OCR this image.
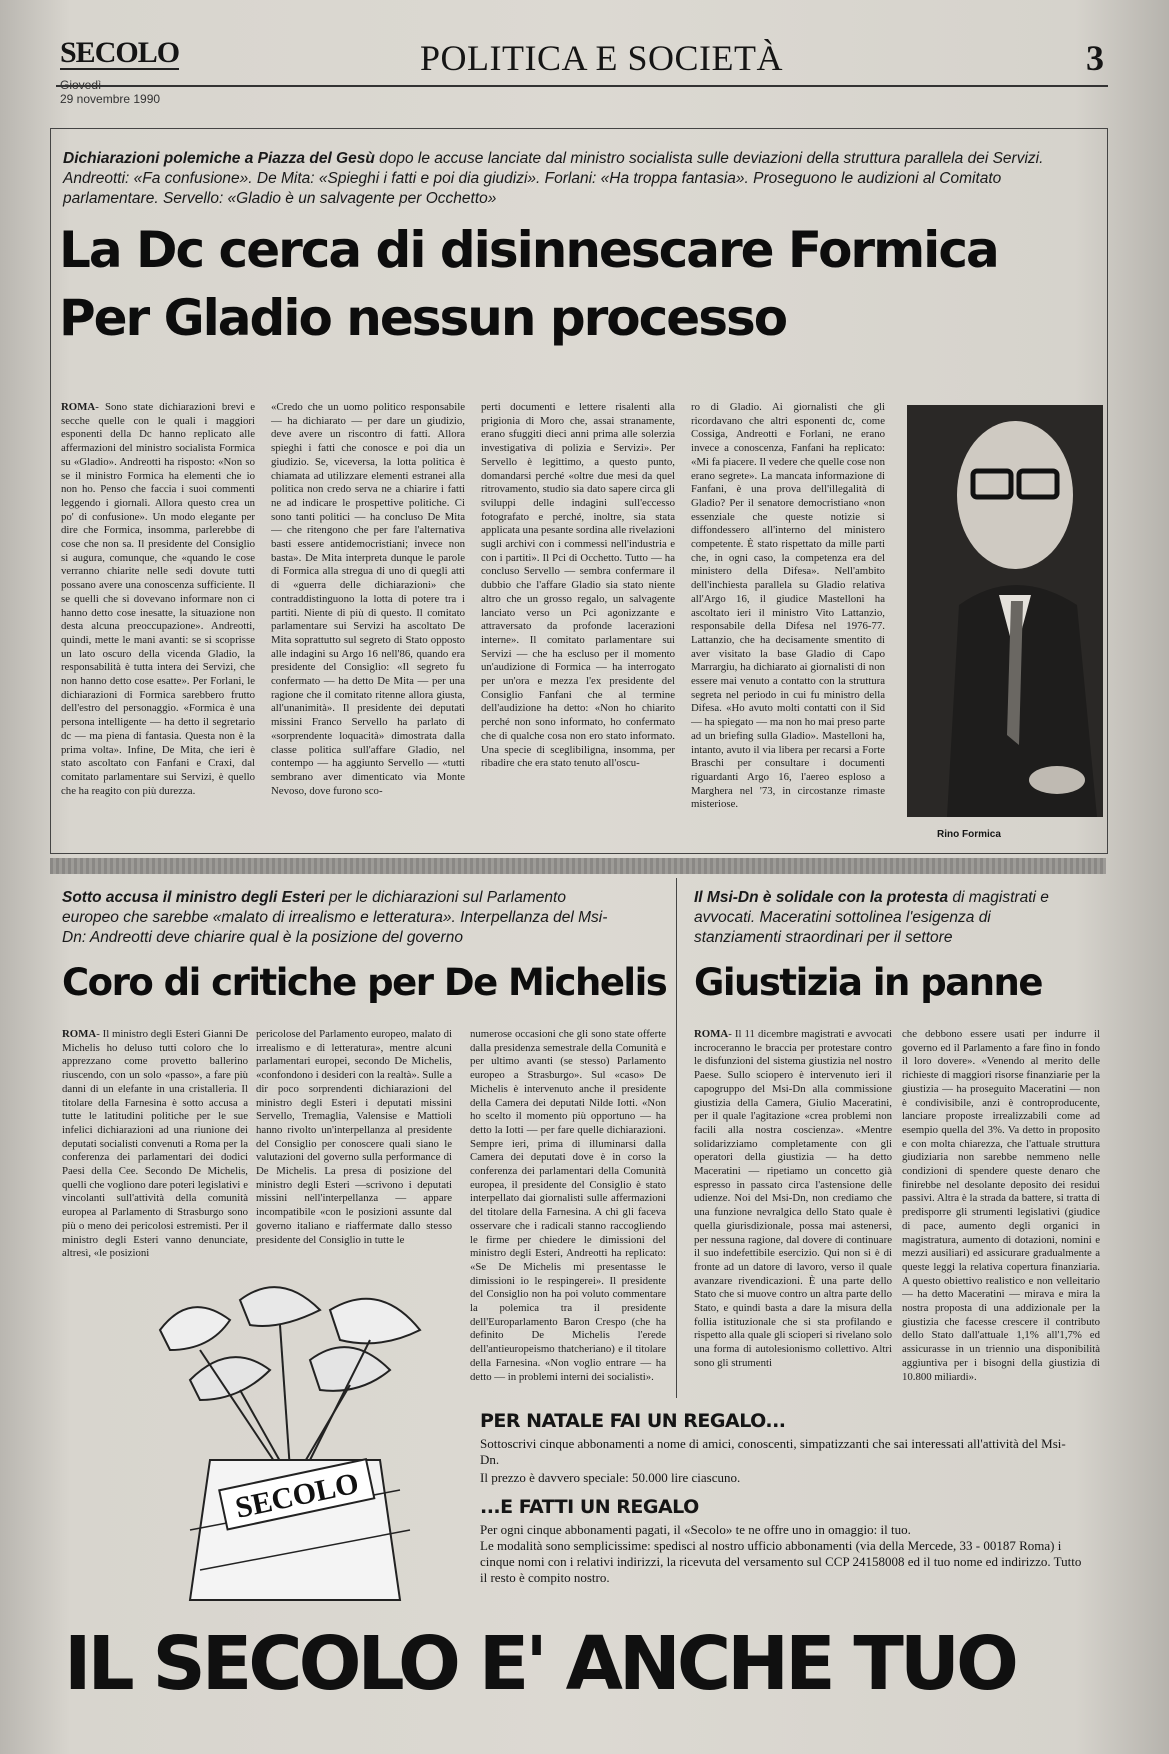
SECOLO
Giovedì
29 novembre 1990
POLITICA E SOCIETÀ	3
Dichiarazioni polemiche a Piazza del Gesù dopo le accuse lanciate dal ministro socialista sulle deviazioni della struttura parallela dei Servizi. Andreotti: «Fa confusione». De Mita: «Spieghi i fatti e poi dia giudizi». Forlani: «Ha troppa fantasia». Proseguono le audizioni al Comitato parlamentare. Servello: «Gladio è un salvagente per Occhetto»
La Dc cerca di disinnescare Formica
Per Gladio nessun processo

ROMA- Sono state dichiarazioni brevi e secche quelle con le quali i maggiori esponenti della Dc hanno replicato alle affermazioni del ministro socialista Formica su «Gladio». Andreotti ha risposto: «Non so se il ministro Formica ha elementi che io non ho. Penso che faccia i suoi commenti leggendo i giornali. Allora questo crea un po' di confusione». Un modo elegante per dire che Formica, insomma, parlerebbe di cose che non sa. Il presidente del Consiglio si augura, comunque, che «quando le cose verranno chiarite nelle sedi dovute tutti possano avere una conoscenza sufficiente. Il se quelli che si dovevano informare non ci hanno detto cose inesatte, la situazione non desta alcuna preoccupazione». Andreotti, quindi, mette le mani avanti: se si scoprisse un lato oscuro della vicenda Gladio, la responsabilità è tutta intera dei Servizi, che non hanno detto cose esatte». Per Forlani, le dichiarazioni di Formica sarebbero frutto dell'estro del personaggio. «Formica è una persona intelligente — ha detto il segretario dc — ma piena di fantasia. Questa non è la prima volta». Infine, De Mita, che ieri è stato ascoltato con Fanfani e Craxi, dal comitato parlamentare sui Servizi, è quello che ha reagito con più durezza.

«Credo che un uomo politico responsabile — ha dichiarato — per dare un giudizio, deve avere un riscontro di fatti. Allora spieghi i fatti che conosce e poi dia un giudizio. Se, viceversa, la lotta politica è chiamata ad utilizzare elementi estranei alla politica non credo serva ne a chiarire i fatti ne ad indicare le prospettive politiche. Ci sono tanti politici — ha concluso De Mita — che ritengono che per fare l'alternativa basti essere antidemocristiani; invece non basta». De Mita interpreta dunque le parole di Formica alla stregua di uno di quegli atti di «guerra delle dichiarazioni» che contraddistinguono la lotta di potere tra i partiti. Niente di più di questo. Il comitato parlamentare sui Servizi ha ascoltato De Mita soprattutto sul segreto di Stato opposto alle indagini su Argo 16 nell'86, quando era presidente del Consiglio: «Il segreto fu confermato — ha detto De Mita — per una ragione che il comitato ritenne allora giusta, all'unanimità». Il presidente dei deputati missini Franco Servello ha parlato di «sorprendente loquacità» dimostrata dalla classe politica sull'affare Gladio, nel contempo — ha aggiunto Servello — «tutti sembrano aver dimenticato via Monte Nevoso, dove furono sco-

perti documenti e lettere risalenti alla prigionia di Moro che, assai stranamente, erano sfuggiti dieci anni prima alle solerzia investigativa di polizia e Servizi». Per Servello è legittimo, a questo punto, domandarsi perché «oltre due mesi da quel ritrovamento, studio sia dato sapere circa gli sviluppi delle indagini sull'eccesso fotografato e perché, inoltre, sia stata applicata una pesante sordina alle rivelazioni sugli archivi con i commessi nell'industria e con i partiti». Il Pci di Occhetto. Tutto — ha concluso Servello — sembra confermare il dubbio che l'affare Gladio sia stato niente altro che un grosso regalo, un salvagente lanciato verso un Pci agonizzante e attraversato da profonde lacerazioni interne». Il comitato parlamentare sui Servizi — che ha escluso per il momento un'audizione di Formica — ha interrogato per un'ora e mezza l'ex presidente del Consiglio Fanfani che al termine dell'audizione ha detto: «Non ho chiarito perché non sono informato, ho confermato che di qualche cosa non ero stato informato. Una specie di sceglibiligna, insomma, per ribadire che era stato tenuto all'oscu-

ro di Gladio. Ai giornalisti che gli ricordavano che altri esponenti dc, come Cossiga, Andreotti e Forlani, ne erano invece a conoscenza, Fanfani ha replicato: «Mi fa piacere. Il vedere che quelle cose non erano segrete». La mancata informazione di Fanfani, è una prova dell'illegalità di Gladio? Per il senatore democristiano «non essenziale che queste notizie si diffondessero all'interno del ministero competente. È stato rispettato da mille parti che, in ogni caso, la competenza era del ministero della Difesa». Nell'ambito dell'inchiesta parallela su Gladio relativa all'Argo 16, il giudice Mastelloni ha ascoltato ieri il ministro Vito Lattanzio, responsabile della Difesa nel 1976-77. Lattanzio, che ha decisamente smentito di aver visitato la base Gladio di Capo Marrargiu, ha dichiarato ai giornalisti di non essere mai venuto a contatto con la struttura segreta nel periodo in cui fu ministro della Difesa. «Ho avuto molti contatti con il Sid — ha spiegato — ma non ho mai preso parte ad un briefing sulla Gladio». Mastelloni ha, intanto, avuto il via libera per recarsi a Forte Braschi per consultare i documenti riguardanti Argo 16, l'aereo esploso a Marghera nel '73, in circostanze rimaste misteriose.

Rino Formica
Sotto accusa il ministro degli Esteri per le dichiarazioni sul Parlamento europeo che sarebbe «malato di irrealismo e letteratura». Interpellanza del Msi-Dn: Andreotti deve chiarire qual è la posizione del governo
Coro di critiche per De Michelis

ROMA- Il ministro degli Esteri Gianni De Michelis ho deluso tutti coloro che lo apprezzano come provetto ballerino riuscendo, con un solo «passo», a fare più danni di un elefante in una cristalleria. Il titolare della Farnesina è sotto accusa a tutte le latitudini politiche per le sue infelici dichiarazioni ad una riunione dei deputati socialisti convenuti a Roma per la conferenza dei parlamentari dei dodici Paesi della Cee. Secondo De Michelis, quelli che vogliono dare poteri legislativi e vincolanti sull'attività della comunità europea al Parlamento di Strasburgo sono più o meno dei pericolosi estremisti. Per il ministro degli Esteri vanno denunciate, altresì, «le posizioni

pericolose del Parlamento europeo, malato di irrealismo e di letteratura», mentre alcuni parlamentari europei, secondo De Michelis, «confondono i desideri con la realtà». Sulle a dir poco sorprendenti dichiarazioni del ministro degli Esteri i deputati missini Servello, Tremaglia, Valensise e Mattioli hanno rivolto un'interpellanza al presidente del Consiglio per conoscere quali siano le valutazioni del governo sulla performance di De Michelis. La presa di posizione del ministro degli Esteri —scrivono i deputati missini nell'interpellanza — appare incompatibile «con le posizioni assunte dal governo italiano e riaffermate dallo stesso presidente del Consiglio in tutte le

numerose occasioni che gli sono state offerte dalla presidenza semestrale della Comunità e per ultimo avanti (se stesso) Parlamento europeo a Strasburgo». Sul «caso» De Michelis è intervenuto anche il presidente della Camera dei deputati Nilde Iotti. «Non ho scelto il momento più opportuno — ha detto la Iotti — per fare quelle dichiarazioni. Sempre ieri, prima di illuminarsi dalla Camera dei deputati dove è in corso la conferenza dei parlamentari della Comunità europea, il presidente del Consiglio è stato interpellato dai giornalisti sulle affermazioni del titolare della Farnesina. A chi gli faceva osservare che i radicali stanno raccogliendo le firme per chiedere le dimissioni del ministro degli Esteri, Andreotti ha replicato: «Se De Michelis mi presentasse le dimissioni io le respingerei». Il presidente del Consiglio non ha poi voluto commentare la polemica tra il presidente dell'Europarlamento Baron Crespo (che ha definito De Michelis l'erede dell'antieuropeismo thatcheriano) e il titolare della Farnesina. «Non voglio entrare — ha detto — in problemi interni dei socialisti».

Il Msi-Dn è solidale con la protesta di magistrati e avvocati. Maceratini sottolinea l'esigenza di stanziamenti straordinari per il settore
Giustizia in panne

ROMA- Il 11 dicembre magistrati e avvocati incroceranno le braccia per protestare contro le disfunzioni del sistema giustizia nel nostro Paese. Sullo sciopero è intervenuto ieri il capogruppo del Msi-Dn alla commissione giustizia della Camera, Giulio Maceratini, per il quale l'agitazione «crea problemi non facili alla nostra coscienza». «Mentre solidarizziamo completamente con gli operatori della giustizia — ha detto Maceratini — ripetiamo un concetto già espresso in passato circa l'astensione delle udienze. Noi del Msi-Dn, non crediamo che una funzione nevralgica dello Stato quale è quella giurisdizionale, possa mai astenersi, per nessuna ragione, dal dovere di continuare il suo indefettibile esercizio. Qui non si è di fronte ad un datore di lavoro, verso il quale avanzare rivendicazioni. È una parte dello Stato che si muove contro un altra parte dello Stato, e quindi basta a dare la misura della follia istituzionale che si sta profilando e rispetto alla quale gli scioperi si rivelano solo una forma di autolesionismo collettivo. Altri sono gli strumenti

che debbono essere usati per indurre il governo ed il Parlamento a fare fino in fondo il loro dovere». «Venendo al merito delle richieste di maggiori risorse finanziarie per la giustizia — ha proseguito Maceratini — non è condivisibile, anzi è controproducente, lanciare proposte irrealizzabili come ad esempio quella del 3%. Va detto in proposito e con molta chiarezza, che l'attuale struttura giudiziaria non sarebbe nemmeno nelle condizioni di spendere queste denaro che finirebbe nel desolante deposito dei residui passivi. Altra è la strada da battere, si tratta di predisporre gli strumenti legislativi (giudice di pace, aumento degli organici in magistratura, aumento di dotazioni, nomini e mezzi ausiliari) ed assicurare gradualmente a queste leggi la relativa copertura finanziaria. A questo obiettivo realistico e non velleitario — ha detto Maceratini — mirava e mira la nostra proposta di una addizionale per la giustizia che facesse crescere il contributo dello Stato dall'attuale 1,1% all'1,7% ed assicurasse in un triennio una disponibilità aggiuntiva per i bisogni della giustizia di 10.800 miliardi».

SECOLO
PER NATALE FAI UN REGALO...
Sottoscrivi cinque abbonamenti a nome di amici, conoscenti, simpatizzanti che sai interessati all'attività del Msi-Dn.
Il prezzo è davvero speciale: 50.000 lire ciascuno.
...E FATTI UN REGALO
Per ogni cinque abbonamenti pagati, il «Secolo» te ne offre uno in omaggio: il tuo.
Le modalità sono semplicissime: spedisci al nostro ufficio abbonamenti (via della Mercede, 33 - 00187 Roma) i cinque nomi con i relativi indirizzi, la ricevuta del versamento sul CCP 24158008 ed il tuo nome ed indirizzo. Tutto il resto è compito nostro.
IL SECOLO E' ANCHE TUO
